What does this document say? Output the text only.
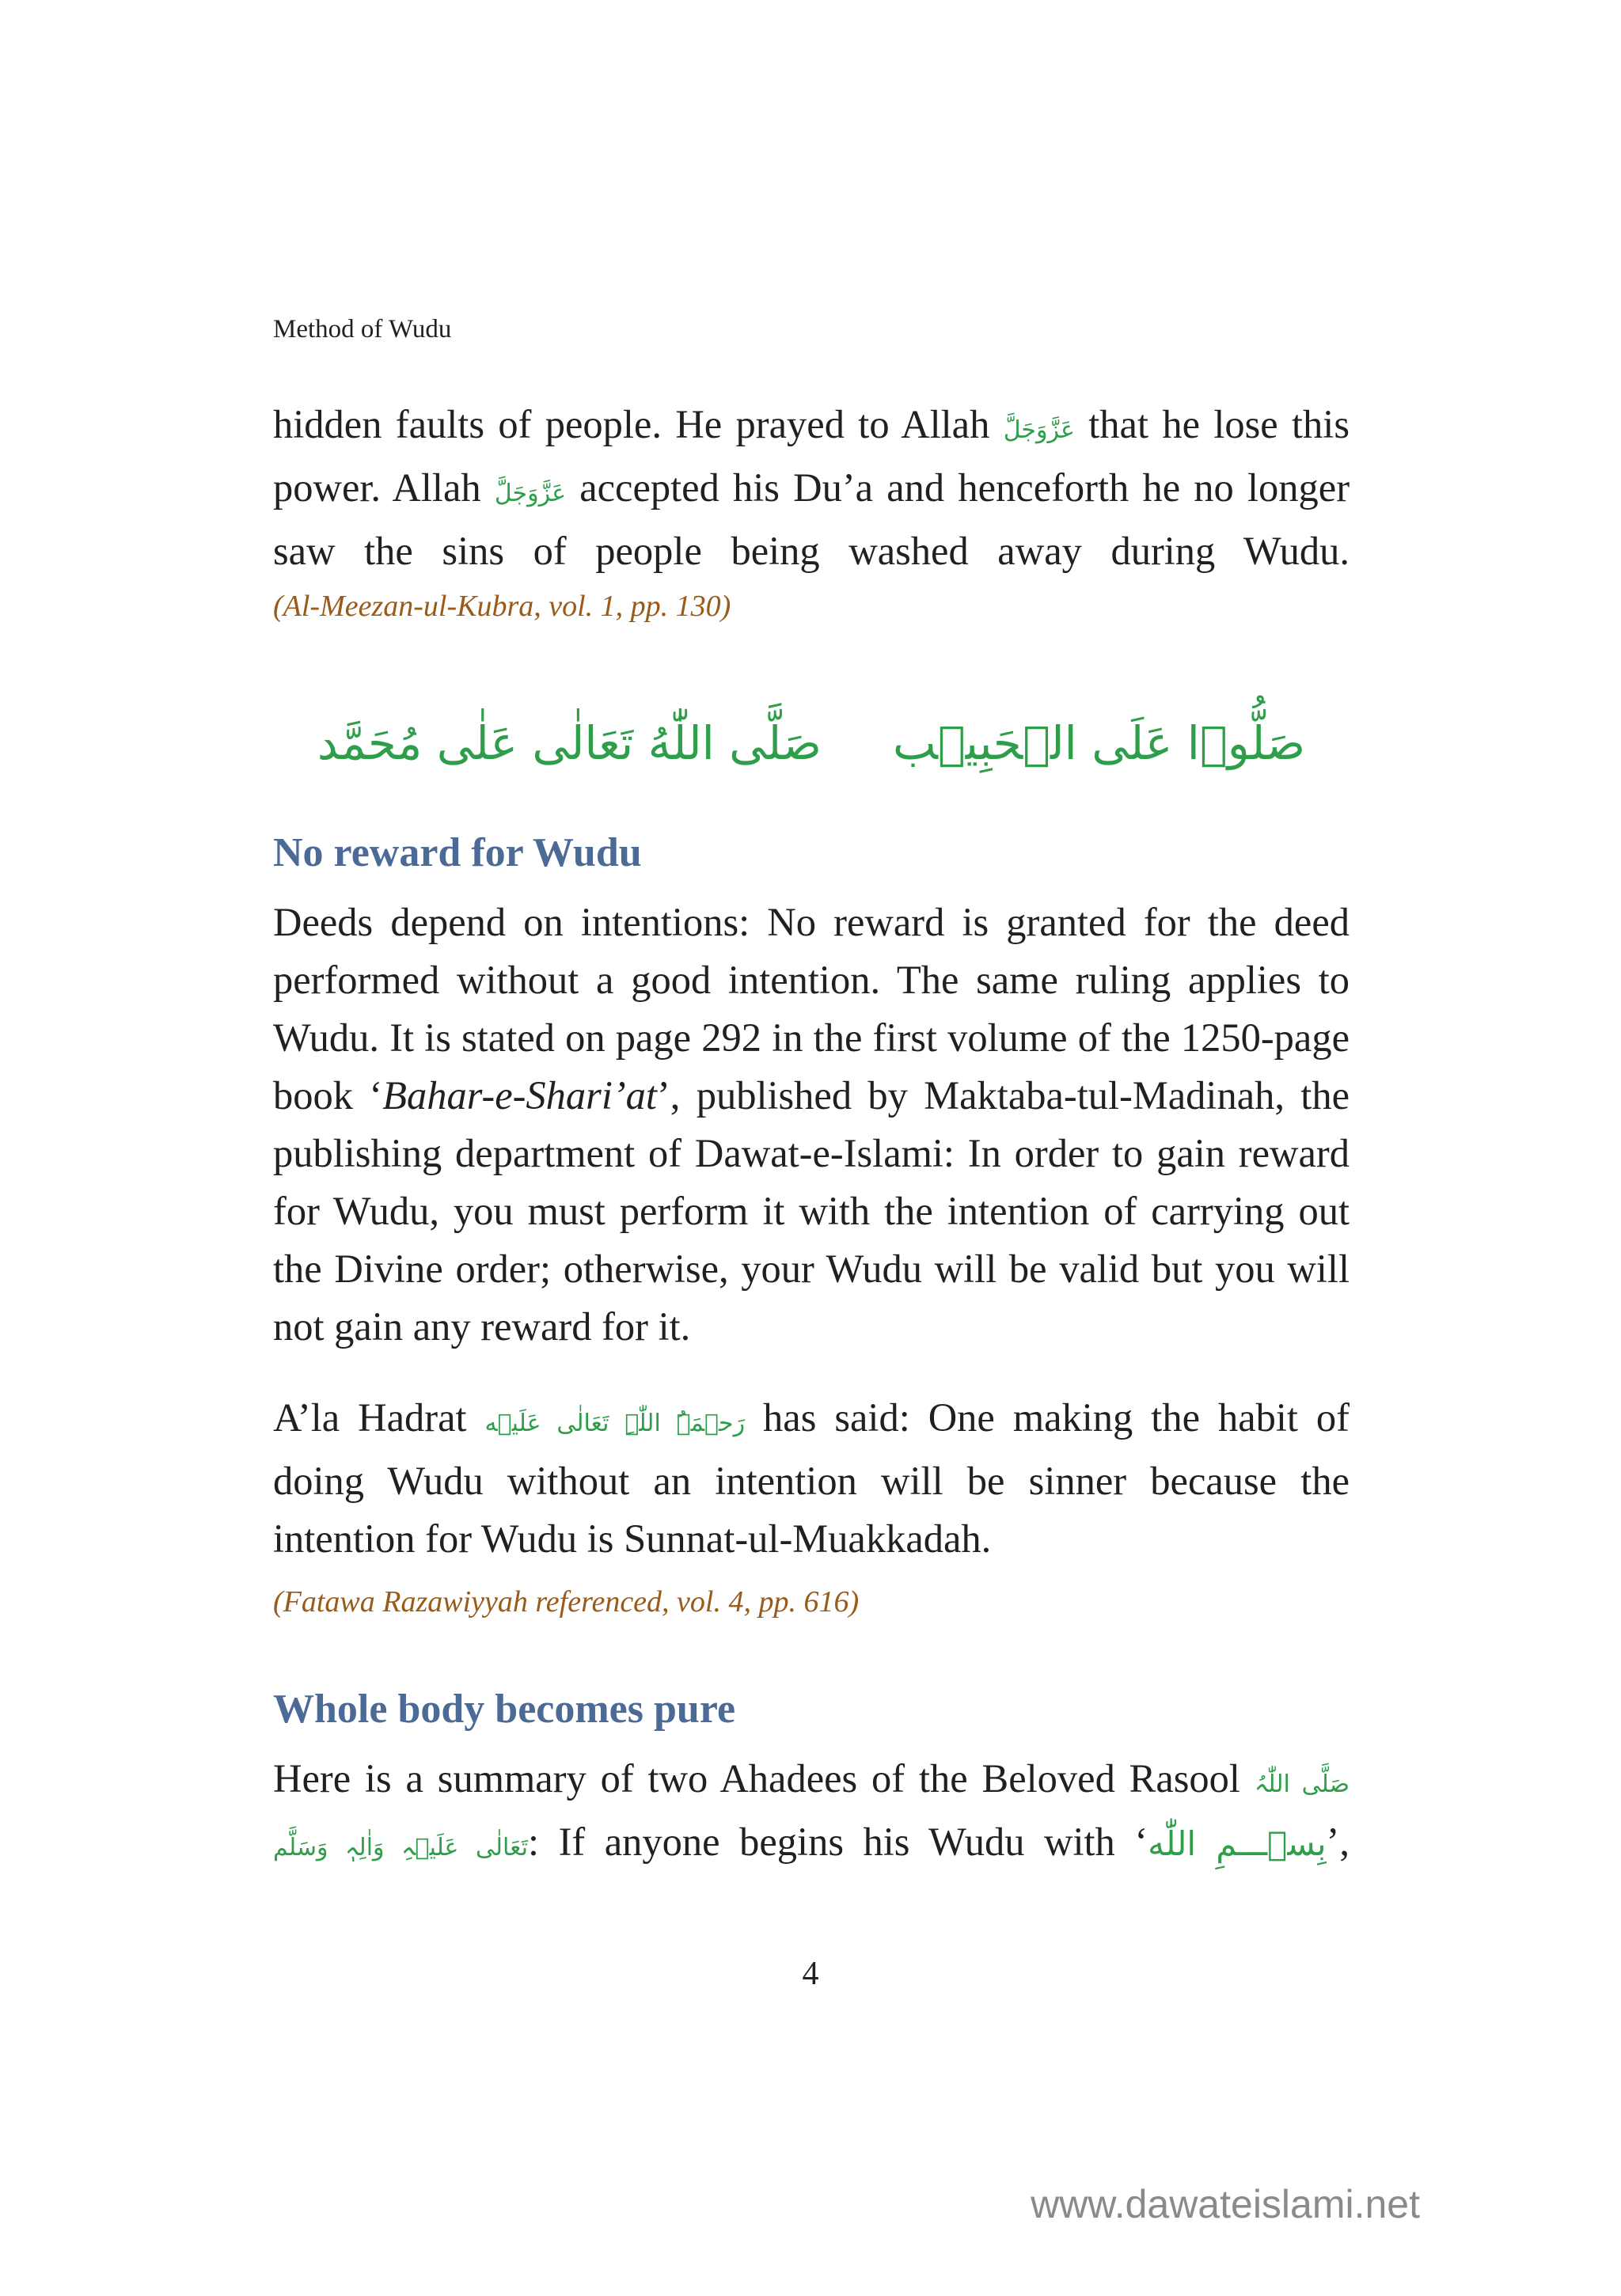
Method of Wudu

hidden faults of people. He prayed to Allah عَزَّوَجَلَّ that he lose this power. Allah عَزَّوَجَلَّ accepted his Du’a and henceforth he no longer saw the sins of people being washed away during Wudu.

(Al-Meezan-ul-Kubra, vol. 1, pp. 130)

صَلُّوۡا عَلَى الۡحَبِيۡب
صَلَّى اللّٰهُ تَعَالٰى عَلٰى مُحَمَّد
No reward for Wudu

Deeds depend on intentions: No reward is granted for the deed performed without a good intention. The same ruling applies to Wudu. It is stated on page 292 in the first volume of the 1250-page book ‘Bahar-e-Shari’at’, published by Maktaba-tul-Madinah, the publishing department of Dawat-e-Islami: In order to gain reward for Wudu, you must perform it with the intention of carrying out the Divine order; otherwise, your Wudu will be valid but you will not gain any reward for it.

A’la Hadrat رَحۡمَۃُ اللّٰہِ تَعَالٰی عَلَیۡه has said: One making the habit of doing Wudu without an intention will be sinner because the intention for Wudu is Sunnat-ul-Muakkadah.

(Fatawa Razawiyyah referenced, vol. 4, pp. 616)

Whole body becomes pure

Here is a summary of two Ahadees of the Beloved Rasool صَلَّى اللّٰہُ تَعَالٰى عَلَیۡہِ وَاٰلِہٖ وَسَلَّم: If anyone begins his Wudu with ‘بِسۡـــمِ اللّٰه’,

4
www.dawateislami.net
